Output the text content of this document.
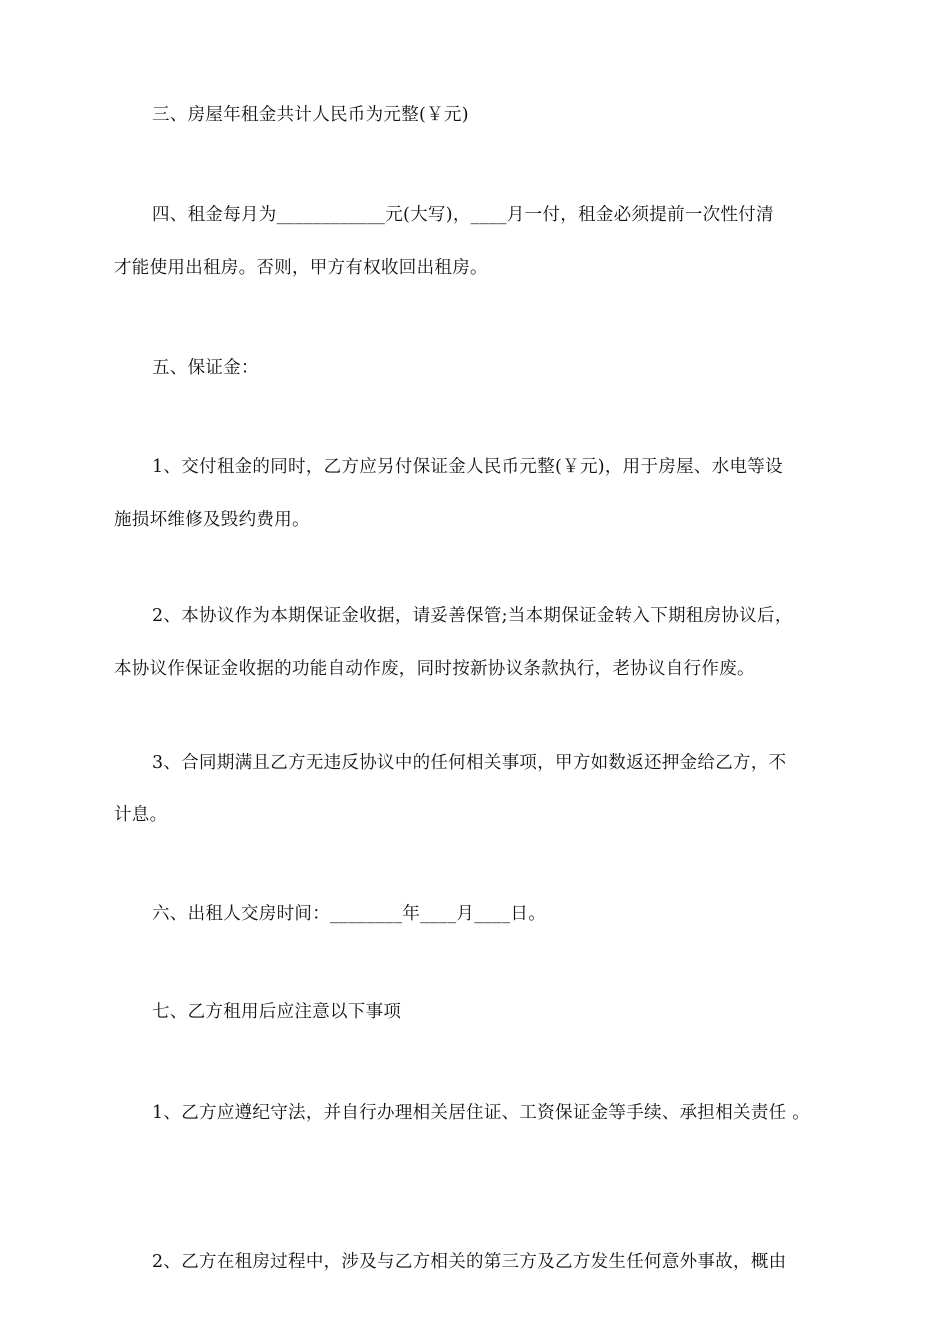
三、房屋年租金共计人民币为元整(￥元)
四、租金每月为____________元(大写)，____月一付，租金必须提前一次性付清
才能使用出租房。否则，甲方有权收回出租房。
五、保证金：
1、交付租金的同时，乙方应另付保证金人民币元整(￥元)，用于房屋、水电等设
施损坏维修及毁约费用。
2、本协议作为本期保证金收据，请妥善保管;当本期保证金转入下期租房协议后，
本协议作保证金收据的功能自动作废，同时按新协议条款执行，老协议自行作废。
3、合同期满且乙方无违反协议中的任何相关事项，甲方如数返还押金给乙方，不
计息。
六、出租人交房时间：________年____月____日。
七、乙方租用后应注意以下事项
1、乙方应遵纪守法，并自行办理相关居住证、工资保证金等手续、承担相关责任 。
2、乙方在租房过程中，涉及与乙方相关的第三方及乙方发生任何意外事故，概由
